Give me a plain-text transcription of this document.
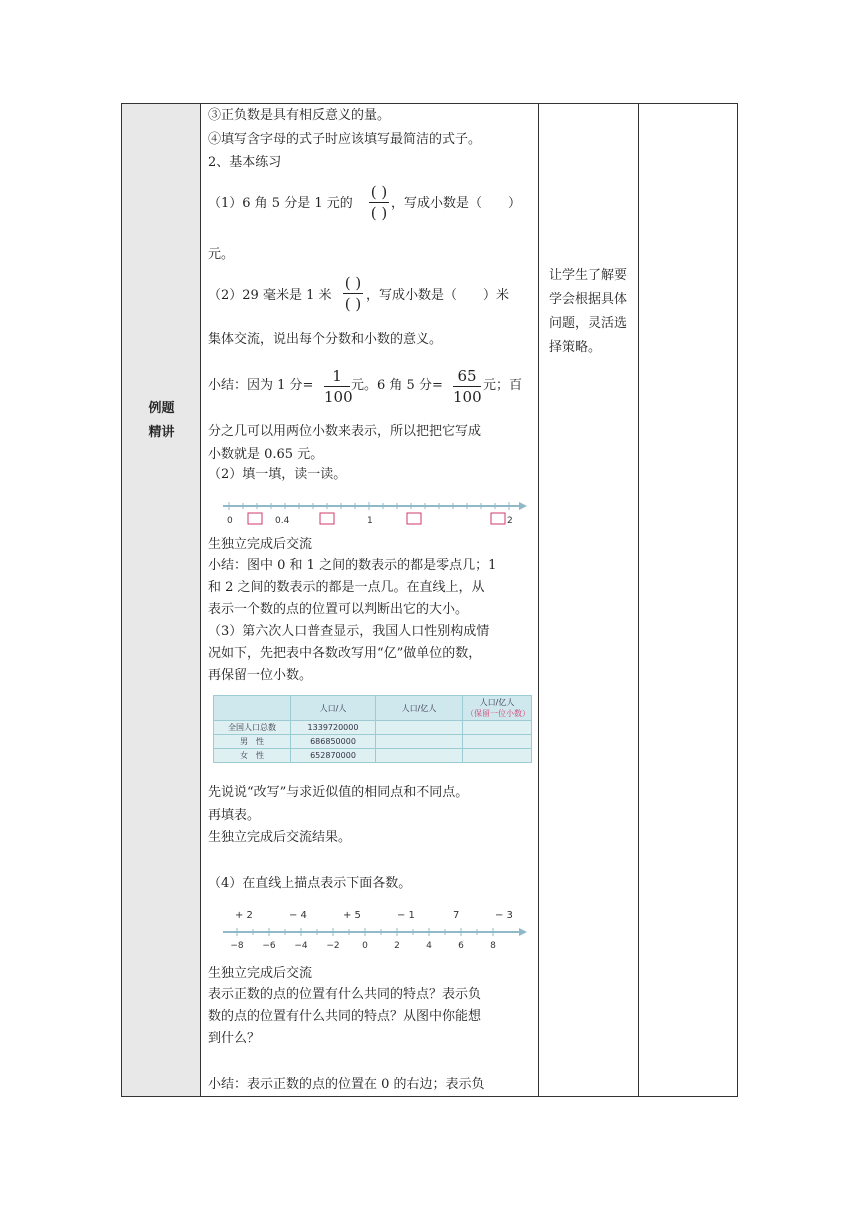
例题
精讲
③正负数是具有相反意义的量。
④填写含字母的式子时应该填写最简洁的式子。
2、基本练习
（1）6 角 5 分是 1 元的
( )
( )
，写成小数是（　　）
元。
（2）29 毫米是 1 米
( )
( ) ，写成小数是（　　）米
集体交流，说出每个分数和小数的意义。
小结：因为 1 分=
1
100
元。6 角 5 分=
65
100
元；百
分之几可以用两位小数来表示，所以把把它写成
小数就是 0.65 元。
（2）填一填，读一读。
0	0.4	1	2
生独立完成后交流
小结：图中 0 和 1 之间的数表示的都是零点几；1
和 2 之间的数表示的都是一点几。在直线上，从
表示一个数的点的位置可以判断出它的大小。
（3）第六次人口普查显示，我国人口性别构成情
况如下，先把表中各数改写用“亿”做单位的数，
再保留一位小数。
	人口/人	人口/亿人	人口/亿人
（保留一位小数）

全国人口总数	1339720000		
男　性	686850000		
女　性	652870000		
先说说“改写”与求近似值的相同点和不同点。
再填表。
生独立完成后交流结果。
（4）在直线上描点表示下面各数。
+ 2	− 4	+ 5	− 1	7	− 3
−8 −6 −4 −2 0	2	4	6	8
生独立完成后交流
表示正数的点的位置有什么共同的特点？表示负
数的点的位置有什么共同的特点？从图中你能想
到什么？
小结：表示正数的点的位置在 0 的右边；表示负
让学生了解要学会根据具体问题，灵活选择策略。
